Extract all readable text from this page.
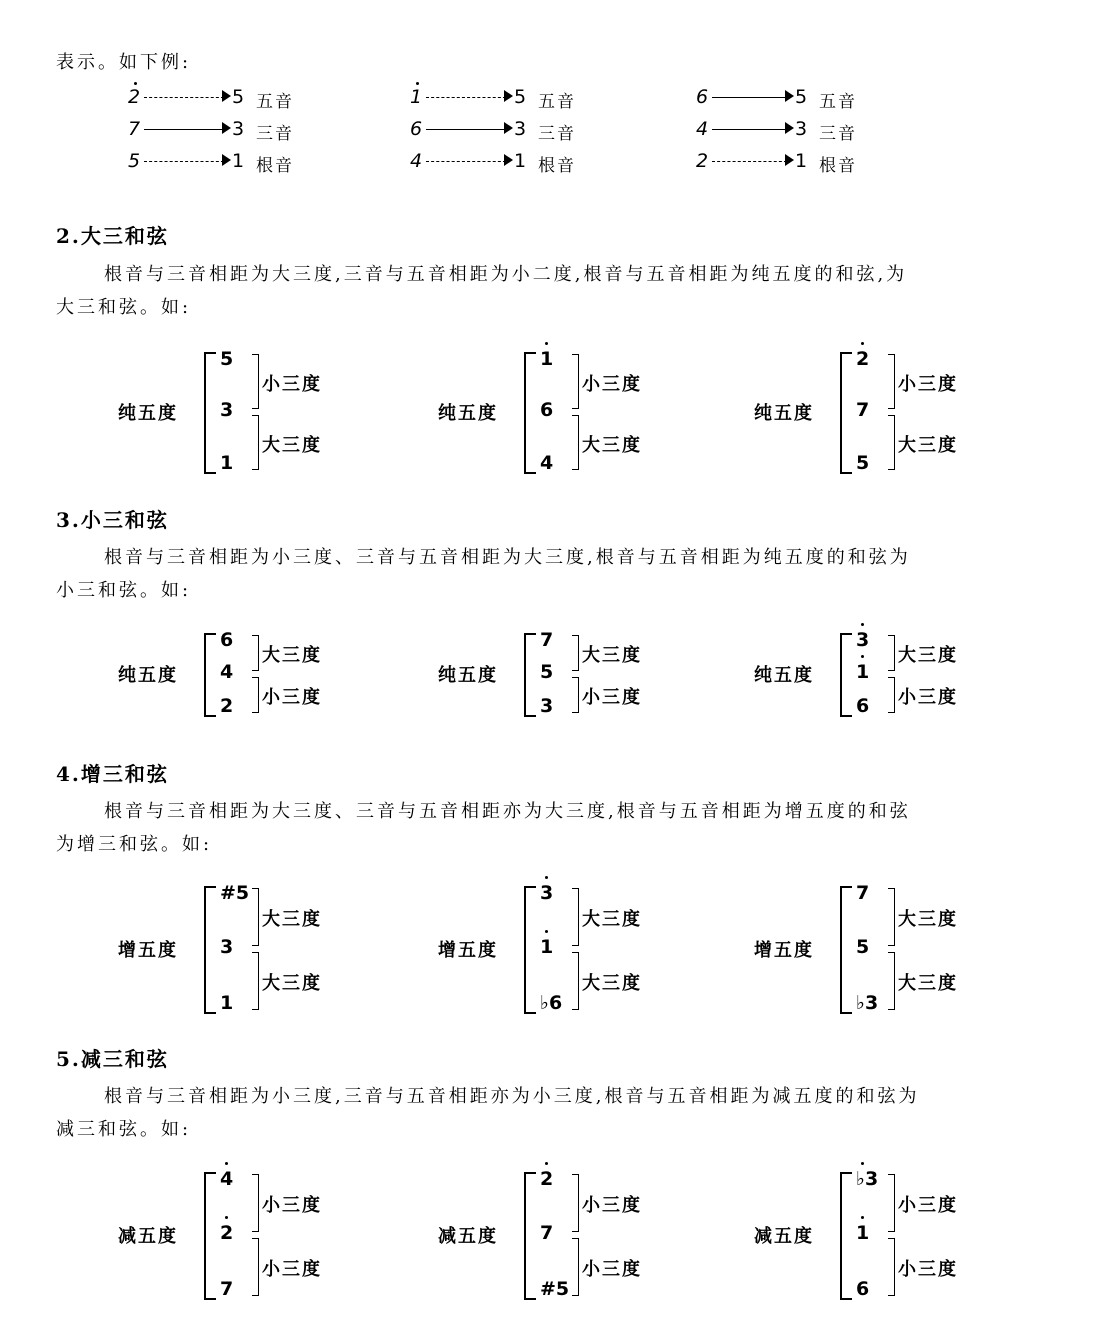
表示。如下例:
2	5 五音	1	5 五音	6	5 五音
7	3 三音	6	3 三音	4	3 三音
5	1 根音	4	1 根音	2	1 根音
2.大三和弦
根音与三音相距为大三度,三音与五音相距为小二度,根音与五音相距为纯五度的和弦,为
大三和弦。如:
3.小三和弦
根音与三音相距为小三度、三音与五音相距为大三度,根音与五音相距为纯五度的和弦为
小三和弦。如:
4.增三和弦
根音与三音相距为大三度、三音与五音相距亦为大三度,根音与五音相距为增五度的和弦
为增三和弦。如:
5.减三和弦
根音与三音相距为小三度,三音与五音相距亦为小三度,根音与五音相距为减五度的和弦为
减三和弦。如:
纯五度
5
3
1
小三度
大三度
纯五度
1
6
4
小三度
大三度
纯五度
2
7
5
小三度
大三度
纯五度
6
4
2
大三度
小三度
纯五度
7
5
3
大三度
小三度
纯五度
3
1
6
大三度
小三度
增五度
#5
3
1
大三度
大三度
增五度
3
1
♭6
大三度
大三度
增五度
7
5
♭3
大三度
大三度
减五度
4
2
7
小三度
小三度
减五度
2
7
#5
小三度
小三度
减五度
♭3
1
6
小三度
小三度
